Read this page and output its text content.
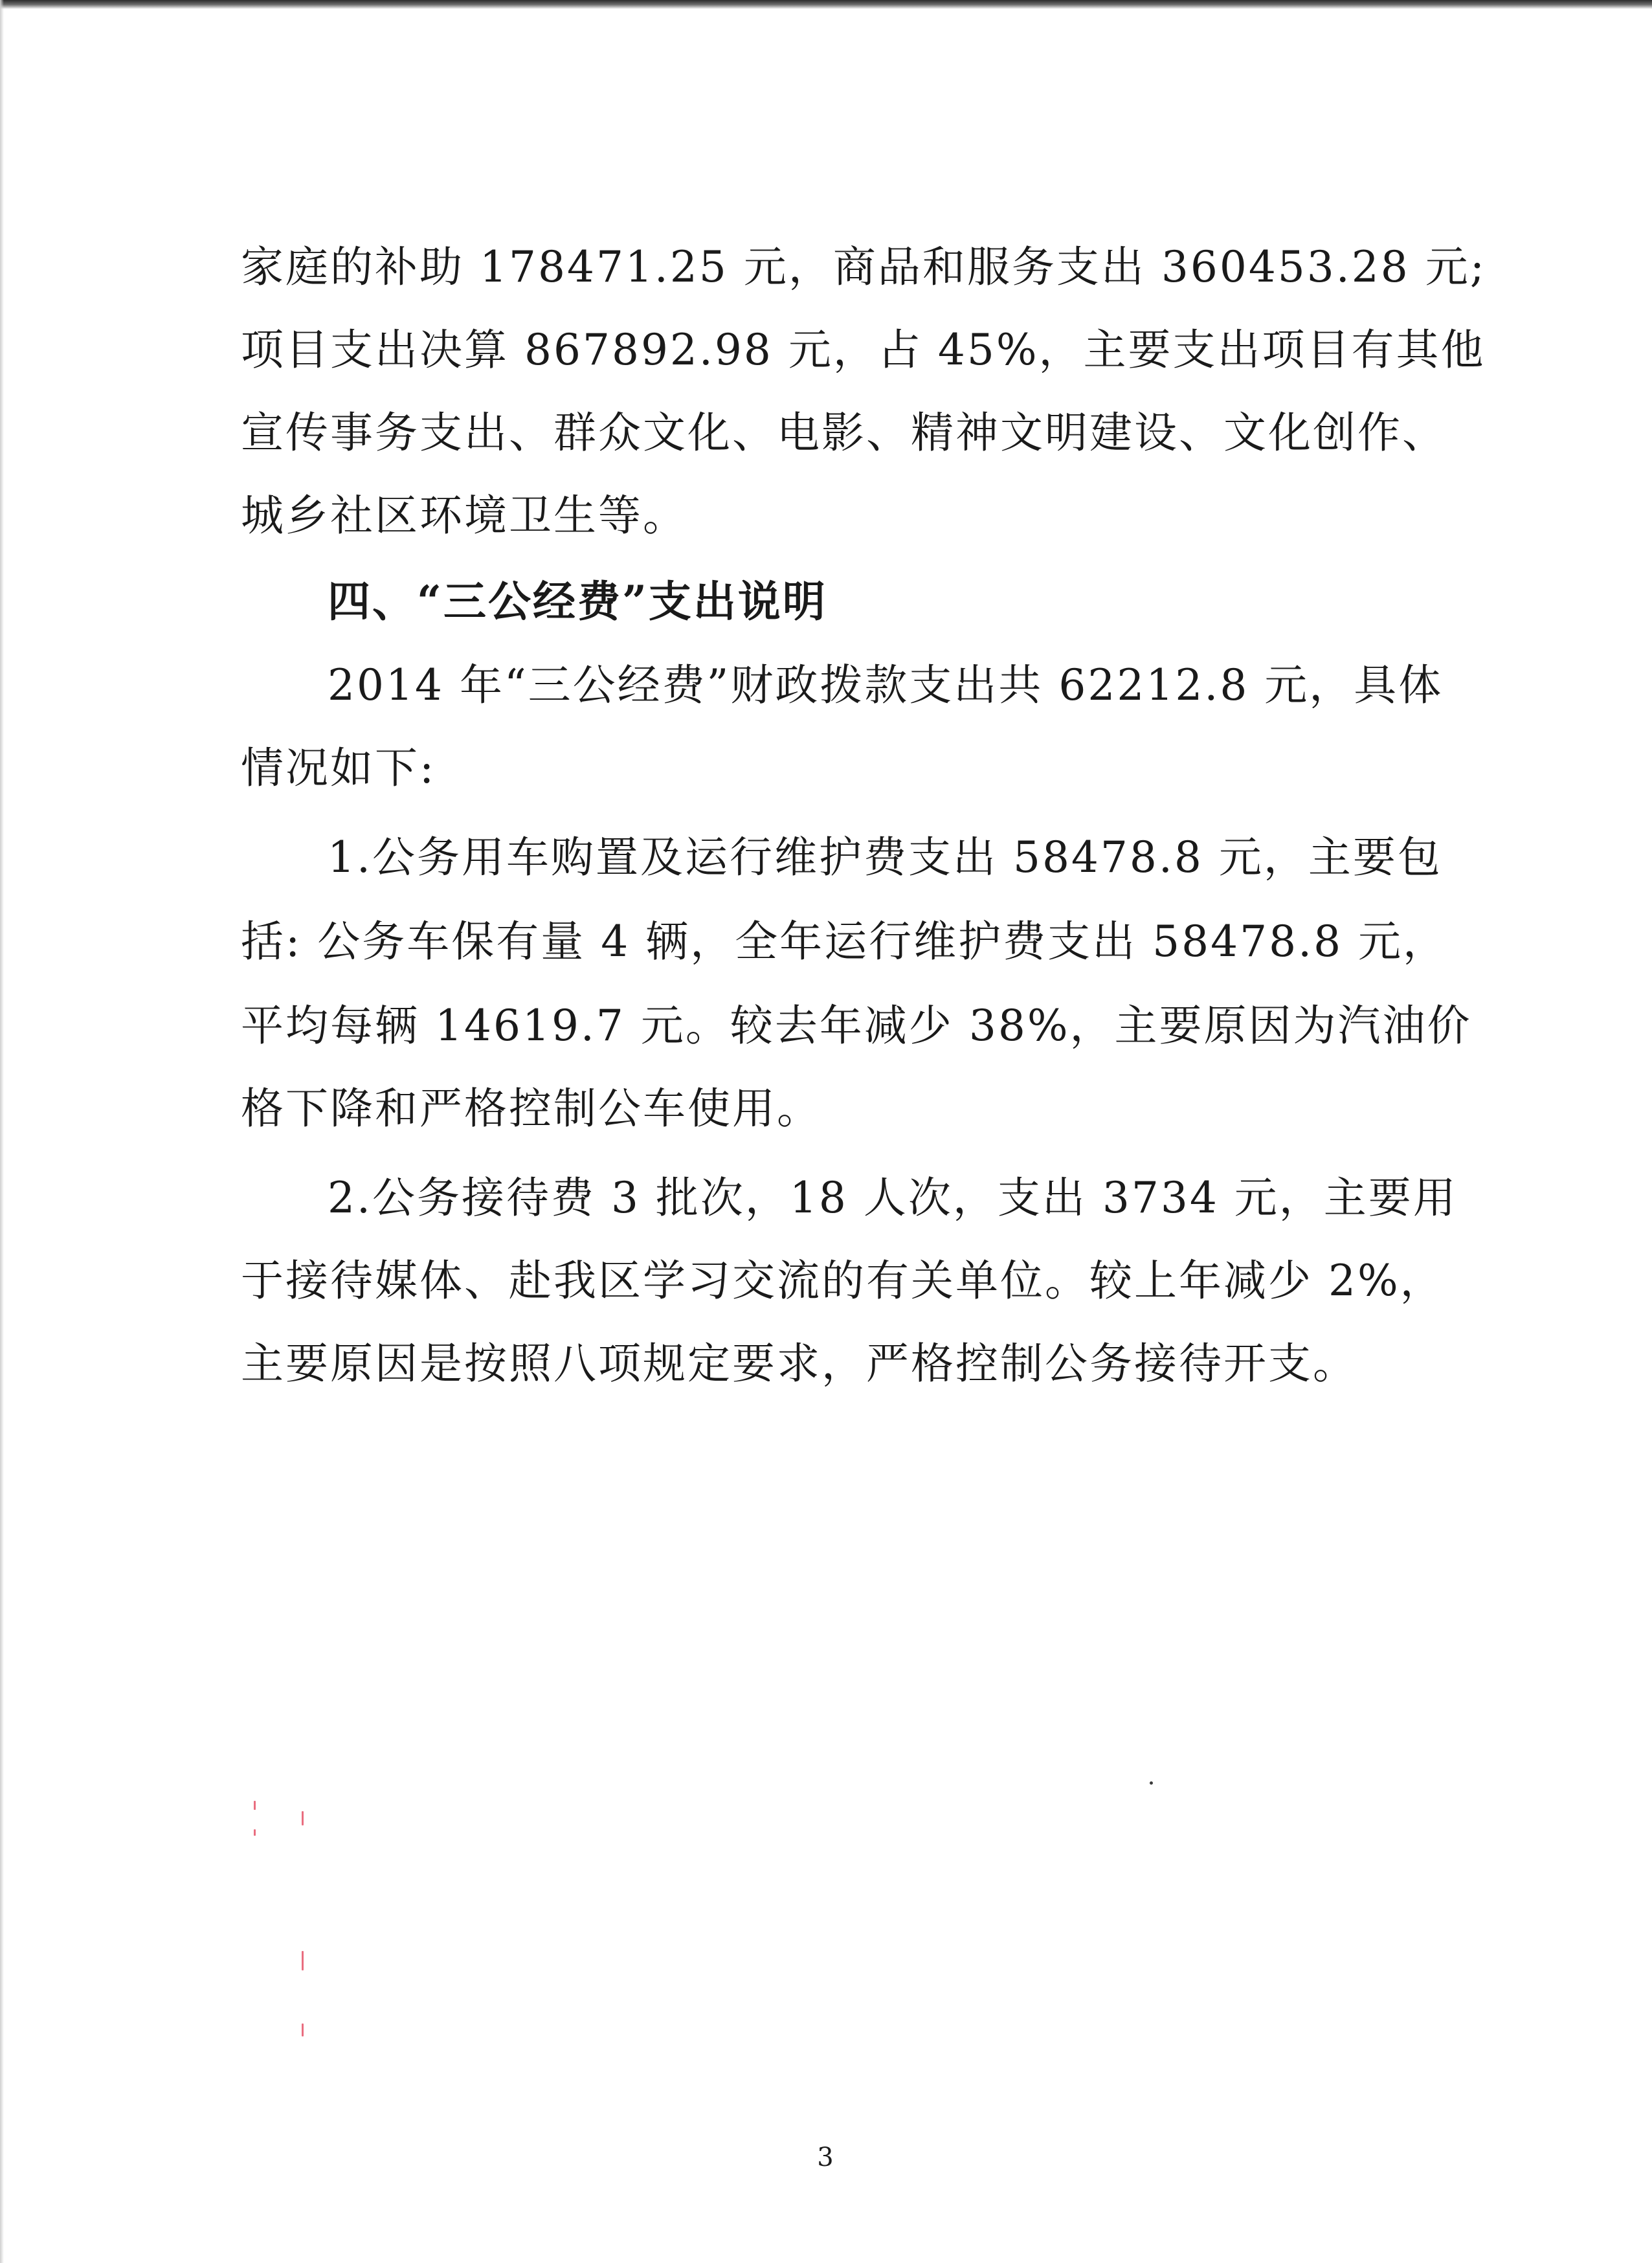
家庭的补助 178471.25 元，商品和服务支出 360453.28 元;
项目支出决算 867892.98 元，占 45%，主要支出项目有其他
宣传事务支出、群众文化、电影、精神文明建设、文化创作、
城乡社区环境卫生等。
四、“三公经费”支出说明
2014 年“三公经费”财政拨款支出共 62212.8 元，具体
情况如下:
1.公务用车购置及运行维护费支出 58478.8 元，主要包
括: 公务车保有量 4 辆，全年运行维护费支出 58478.8 元，
平均每辆 14619.7 元。较去年减少 38%，主要原因为汽油价
格下降和严格控制公车使用。
2.公务接待费 3 批次，18 人次，支出 3734 元，主要用
于接待媒体、赴我区学习交流的有关单位。较上年减少 2%，
主要原因是按照八项规定要求，严格控制公务接待开支。
3
